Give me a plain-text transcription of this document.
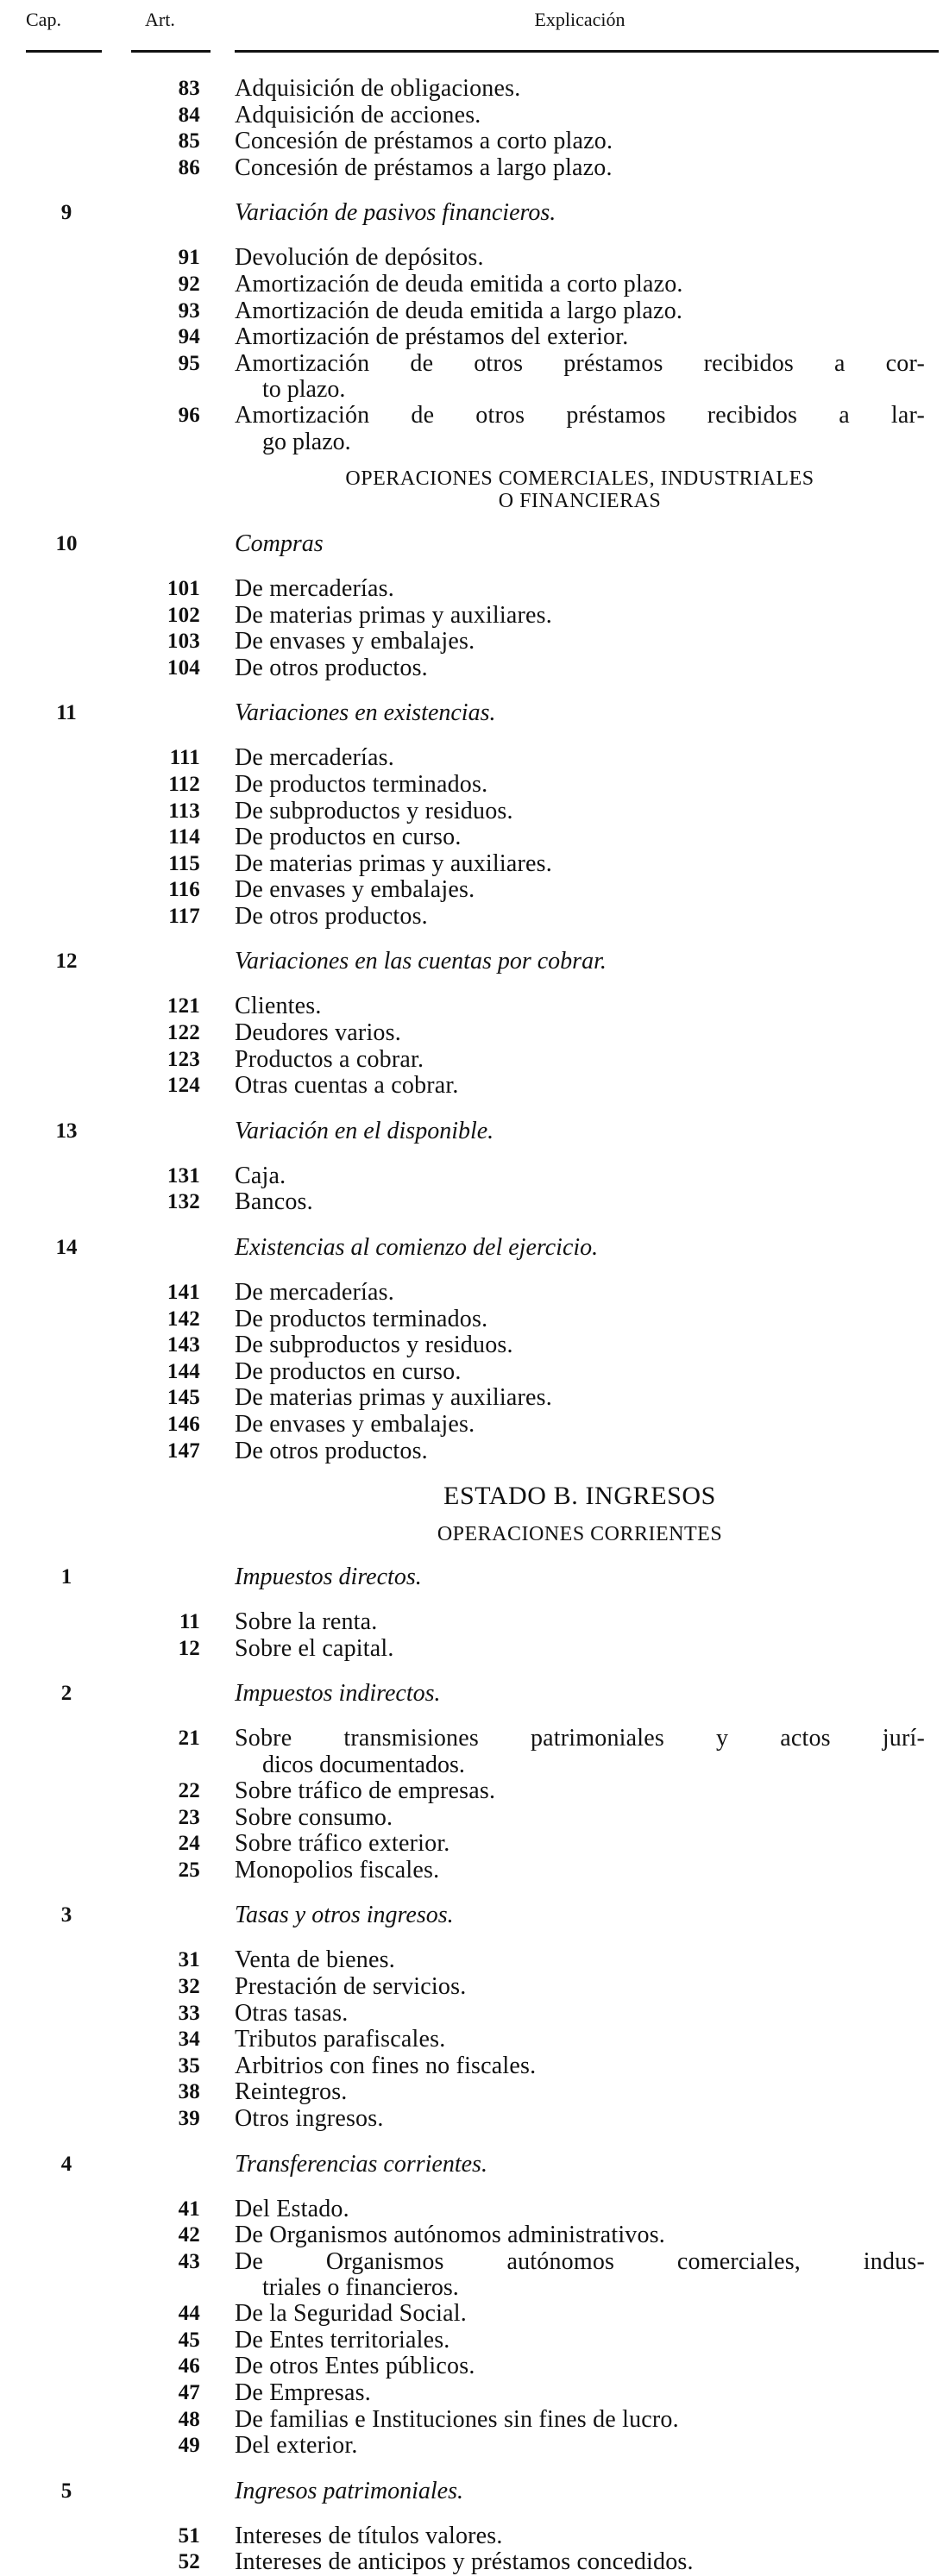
Cap.	Art.	Explicación
83 Adquisición de obligaciones.
84 Adquisición de acciones.
85 Concesión de préstamos a corto plazo.
86 Concesión de préstamos a largo plazo.
9	Variación de pasivos financieros.
91 Devolución de depósitos.
92 Amortización de deuda emitida a corto plazo.
93 Amortización de deuda emitida a largo plazo.
94 Amortización de préstamos del exterior.
95 Amortización de otros préstamos recibidos a cor-
to plazo.
96 Amortización de otros préstamos recibidos a lar-
go plazo.
OPERACIONES COMERCIALES, INDUSTRIALES
O FINANCIERAS
10	Compras
101 De mercaderías.
102 De materias primas y auxiliares.
103 De envases y embalajes.
104 De otros productos.
11	Variaciones en existencias.
111 De mercaderías.
112 De productos terminados.
113 De subproductos y residuos.
114 De productos en curso.
115 De materias primas y auxiliares.
116 De envases y embalajes.
117 De otros productos.
12	Variaciones en las cuentas por cobrar.
121 Clientes.
122 Deudores varios.
123 Productos a cobrar.
124 Otras cuentas a cobrar.
13	Variación en el disponible.
131 Caja.
132 Bancos.
14	Existencias al comienzo del ejercicio.
141 De mercaderías.
142 De productos terminados.
143 De subproductos y residuos.
144 De productos en curso.
145 De materias primas y auxiliares.
146 De envases y embalajes.
147 De otros productos.
ESTADO B. INGRESOS
OPERACIONES CORRIENTES
1	Impuestos directos.
11 Sobre la renta.
12 Sobre el capital.
2	Impuestos indirectos.
21 Sobre transmisiones patrimoniales y actos jurí-
dicos documentados.
22 Sobre tráfico de empresas.
23 Sobre consumo.
24 Sobre tráfico exterior.
25 Monopolios fiscales.
3	Tasas y otros ingresos.
31 Venta de bienes.
32 Prestación de servicios.
33 Otras tasas.
34 Tributos parafiscales.
35 Arbitrios con fines no fiscales.
38 Reintegros.
39 Otros ingresos.
4	Transferencias corrientes.
41 Del Estado.
42 De Organismos autónomos administrativos.
43 De Organismos autónomos comerciales, indus-
triales o financieros.
44 De la Seguridad Social.
45 De Entes territoriales.
46 De otros Entes públicos.
47 De Empresas.
48 De familias e Instituciones sin fines de lucro.
49 Del exterior.
5	Ingresos patrimoniales.
51 Intereses de títulos valores.
52 Intereses de anticipos y préstamos concedidos.
